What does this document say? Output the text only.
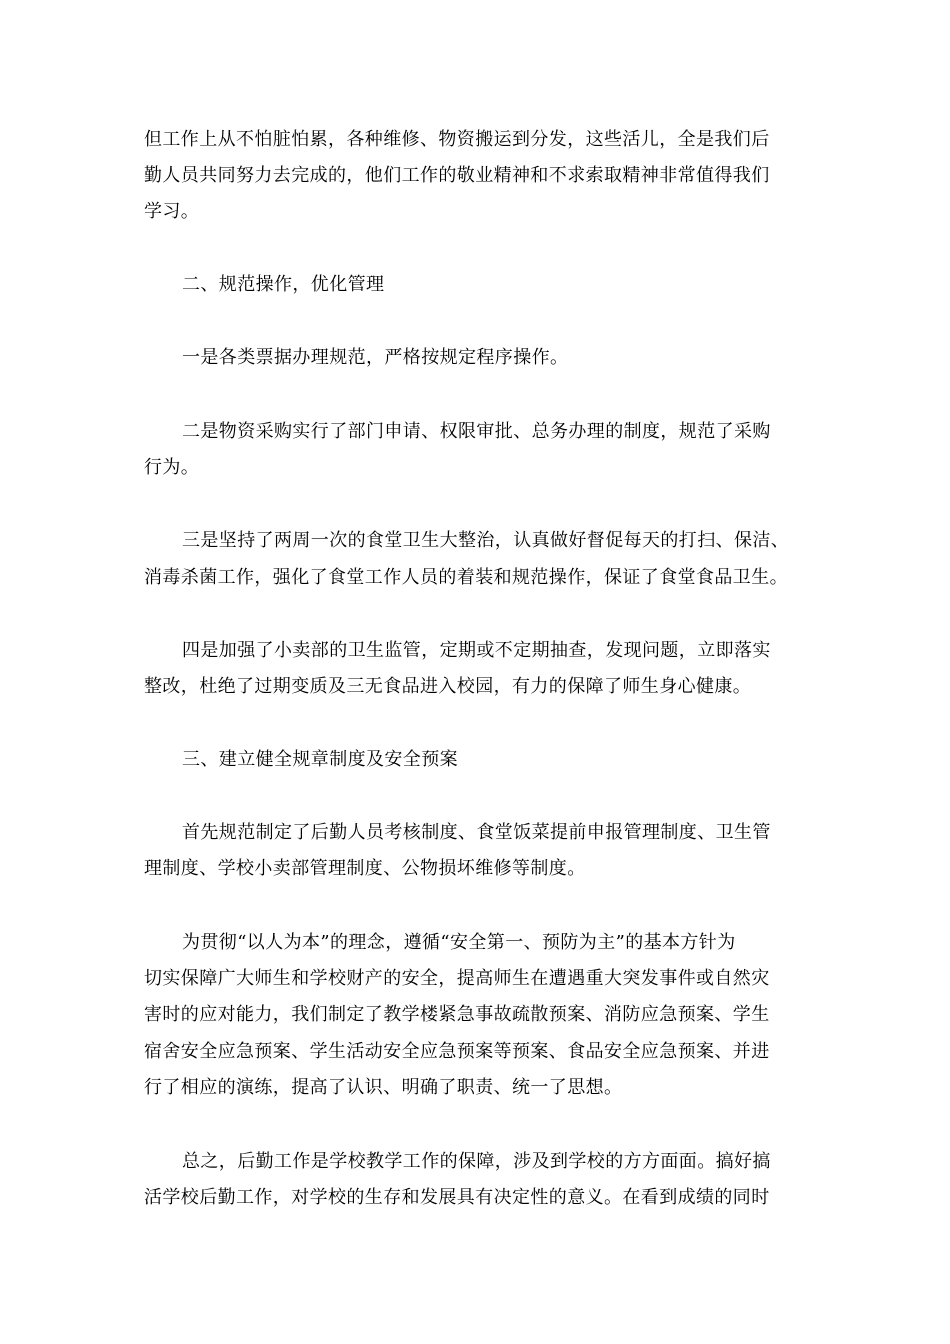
但工作上从不怕脏怕累，各种维修、物资搬运到分发，这些活儿，全是我们后
勤人员共同努力去完成的，他们工作的敬业精神和不求索取精神非常值得我们
学习。
二、规范操作，优化管理
一是各类票据办理规范，严格按规定程序操作。
二是物资采购实行了部门申请、权限审批、总务办理的制度，规范了采购
行为。
三是坚持了两周一次的食堂卫生大整治，认真做好督促每天的打扫、保洁、
消毒杀菌工作，强化了食堂工作人员的着装和规范操作，保证了食堂食品卫生。
四是加强了小卖部的卫生监管，定期或不定期抽查，发现问题，立即落实
整改，杜绝了过期变质及三无食品进入校园，有力的保障了师生身心健康。
三、建立健全规章制度及安全预案
首先规范制定了后勤人员考核制度、食堂饭菜提前申报管理制度、卫生管
理制度、学校小卖部管理制度、公物损坏维修等制度。
为贯彻“以人为本”的理念，遵循“安全第一、预防为主”的基本方针为
切实保障广大师生和学校财产的安全，提高师生在遭遇重大突发事件或自然灾
害时的应对能力，我们制定了教学楼紧急事故疏散预案、消防应急预案、学生
宿舍安全应急预案、学生活动安全应急预案等预案、食品安全应急预案、并进
行了相应的演练，提高了认识、明确了职责、统一了思想。
总之，后勤工作是学校教学工作的保障，涉及到学校的方方面面。搞好搞
活学校后勤工作，对学校的生存和发展具有决定性的意义。在看到成绩的同时
